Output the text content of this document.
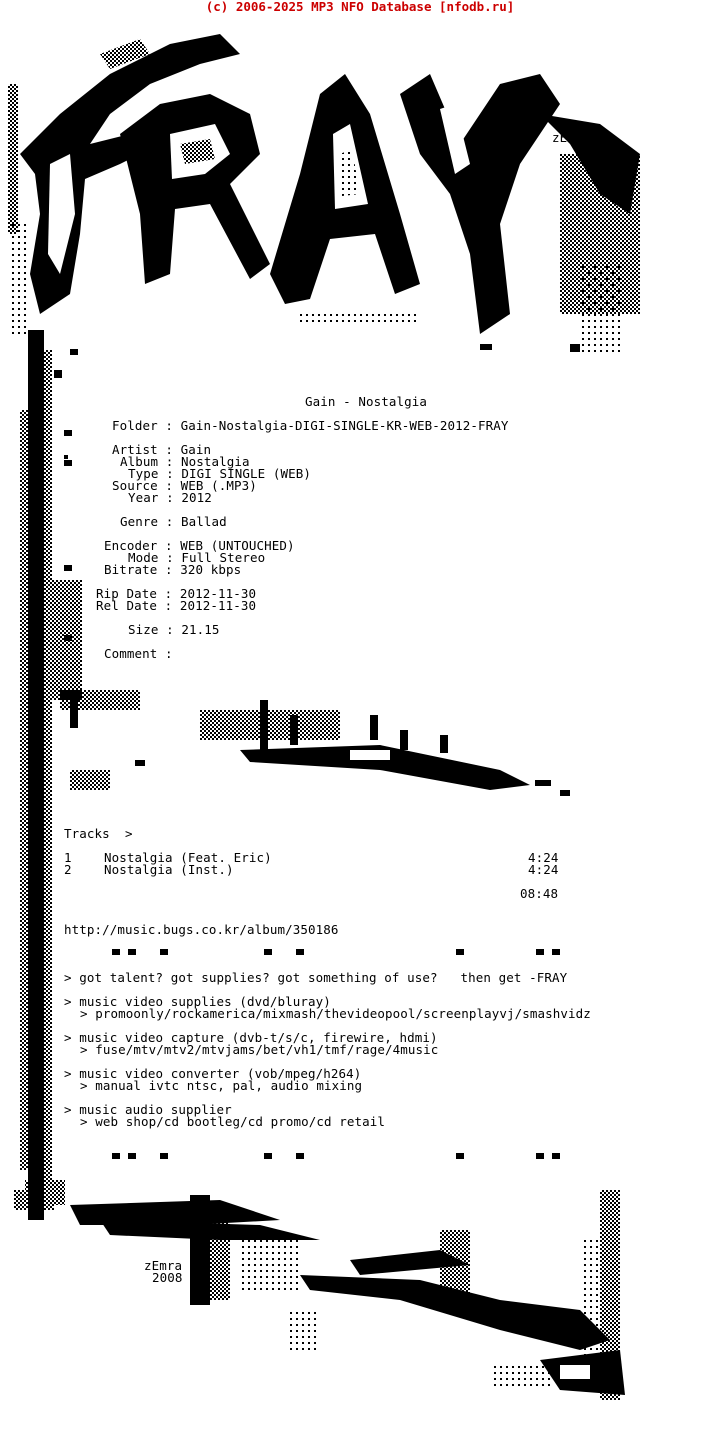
(c) 2006-2025 MP3 NFO Database [nfodb.ru]
zEmra
Gain - Nostalgia
Folder : Gain-Nostalgia-DIGI-SINGLE-KR-WEB-2012-FRAY
Artist : Gain
Album : Nostalgia
Type : DIGI SINGLE (WEB)
Source : WEB (.MP3)
Year : 2012
Genre : Ballad
Encoder : WEB (UNTOUCHED)
Mode : Full Stereo
Bitrate : 320 kbps
Rip Date : 2012-11-30
Rel Date : 2012-11-30
Size : 21.15
Comment :
Tracks  >
1	Nostalgia (Feat. Eric)	4:24
2	Nostalgia (Inst.)	4:24
08:48
http://music.bugs.co.kr/album/350186
> got talent? got supplies? got something of use?   then get -FRAY
> music video supplies (dvd/bluray)
> promoonly/rockamerica/mixmash/thevideopool/screenplayvj/smashvidz
> music video capture (dvb-t/s/c, firewire, hdmi)
> fuse/mtv/mtv2/mtvjams/bet/vh1/tmf/rage/4music
> music video converter (vob/mpeg/h264)
> manual ivtc ntsc, pal, audio mixing
> music audio supplier
> web shop/cd bootleg/cd promo/cd retail
zEmra
2008
